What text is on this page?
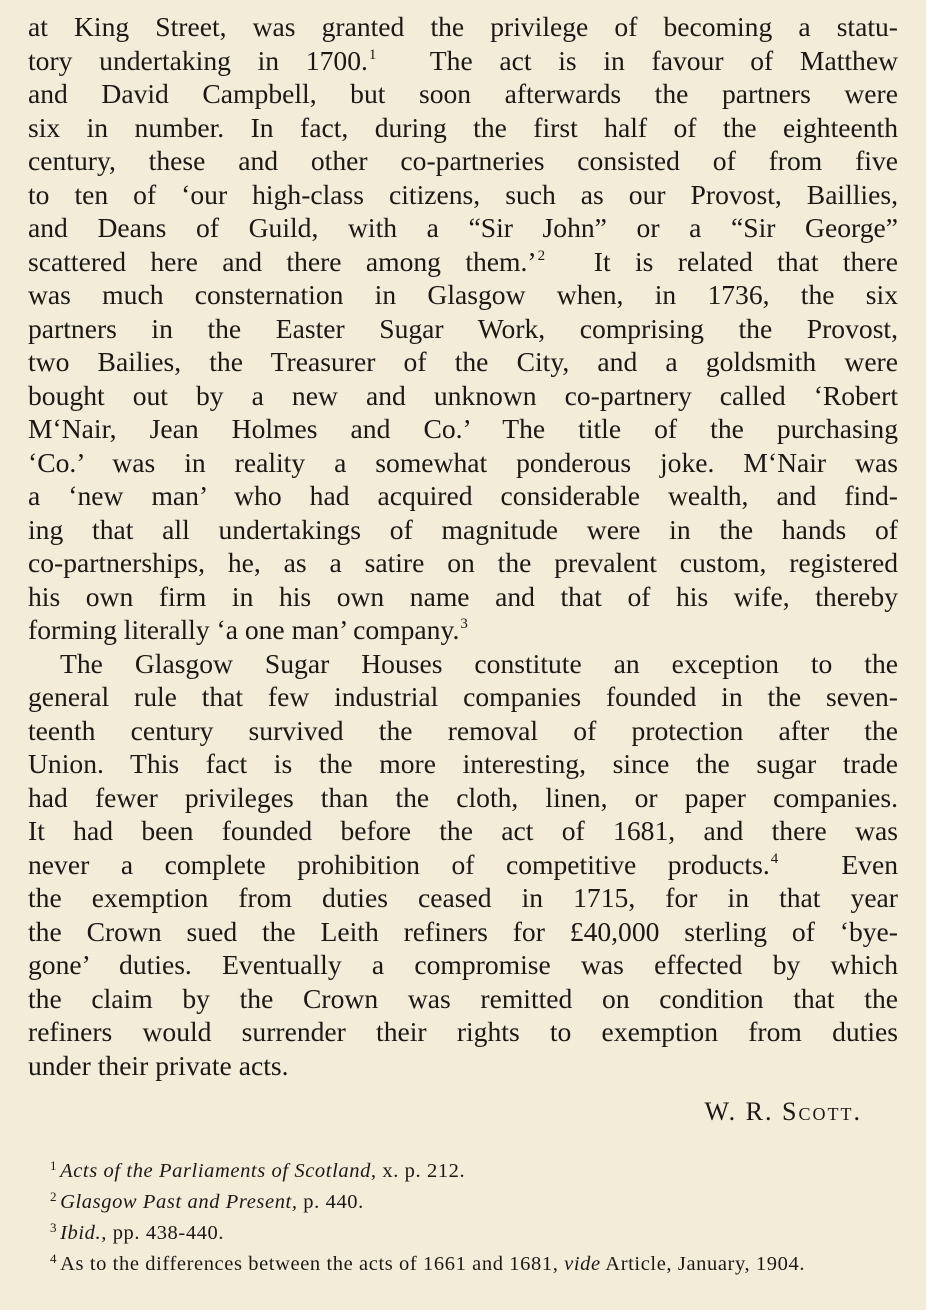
at King Street, was granted the privilege of becoming a statu-
tory undertaking in 1700.$^1$ The act is in favour of Matthew
and David Campbell, but soon afterwards the partners were
six in number. In fact, during the first half of the eighteenth
century, these and other co-partneries consisted of from five
to ten of ‘our high-class citizens, such as our Provost, Baillies,
and Deans of Guild, with a “Sir John” or a “Sir George”
scattered here and there among them.’$^2$ It is related that there
was much consternation in Glasgow when, in 1736, the six
partners in the Easter Sugar Work, comprising the Provost,
two Bailies, the Treasurer of the City, and a goldsmith were
bought out by a new and unknown co-partnery called ‘Robert
M‘Nair, Jean Holmes and Co.’ The title of the purchasing
‘Co.’ was in reality a somewhat ponderous joke. M‘Nair was
a ‘new man’ who had acquired considerable wealth, and find-
ing that all undertakings of magnitude were in the hands of
co-partnerships, he, as a satire on the prevalent custom, registered
his own firm in his own name and that of his wife, thereby
forming literally ‘a one man’ company.$^3$

The Glasgow Sugar Houses constitute an exception to the
general rule that few industrial companies founded in the seven-
teenth century survived the removal of protection after the
Union. This fact is the more interesting, since the sugar trade
had fewer privileges than the cloth, linen, or paper companies.
It had been founded before the act of 1681, and there was
never a complete prohibition of competitive products.$^4$ Even
the exemption from duties ceased in 1715, for in that year
the Crown sued the Leith refiners for £40,000 sterling of ‘bye-
gone’ duties. Eventually a compromise was effected by which
the claim by the Crown was remitted on condition that the
refiners would surrender their rights to exemption from duties
under their private acts.

W. R. Scott.

$^1$ Acts of the Parliaments of Scotland, x. p. 212.

$^2$ Glasgow Past and Present, p. 440.

$^3$ Ibid., pp. 438-440.

$^4$ As to the differences between the acts of 1661 and 1681, vide Article, January, 1904.
